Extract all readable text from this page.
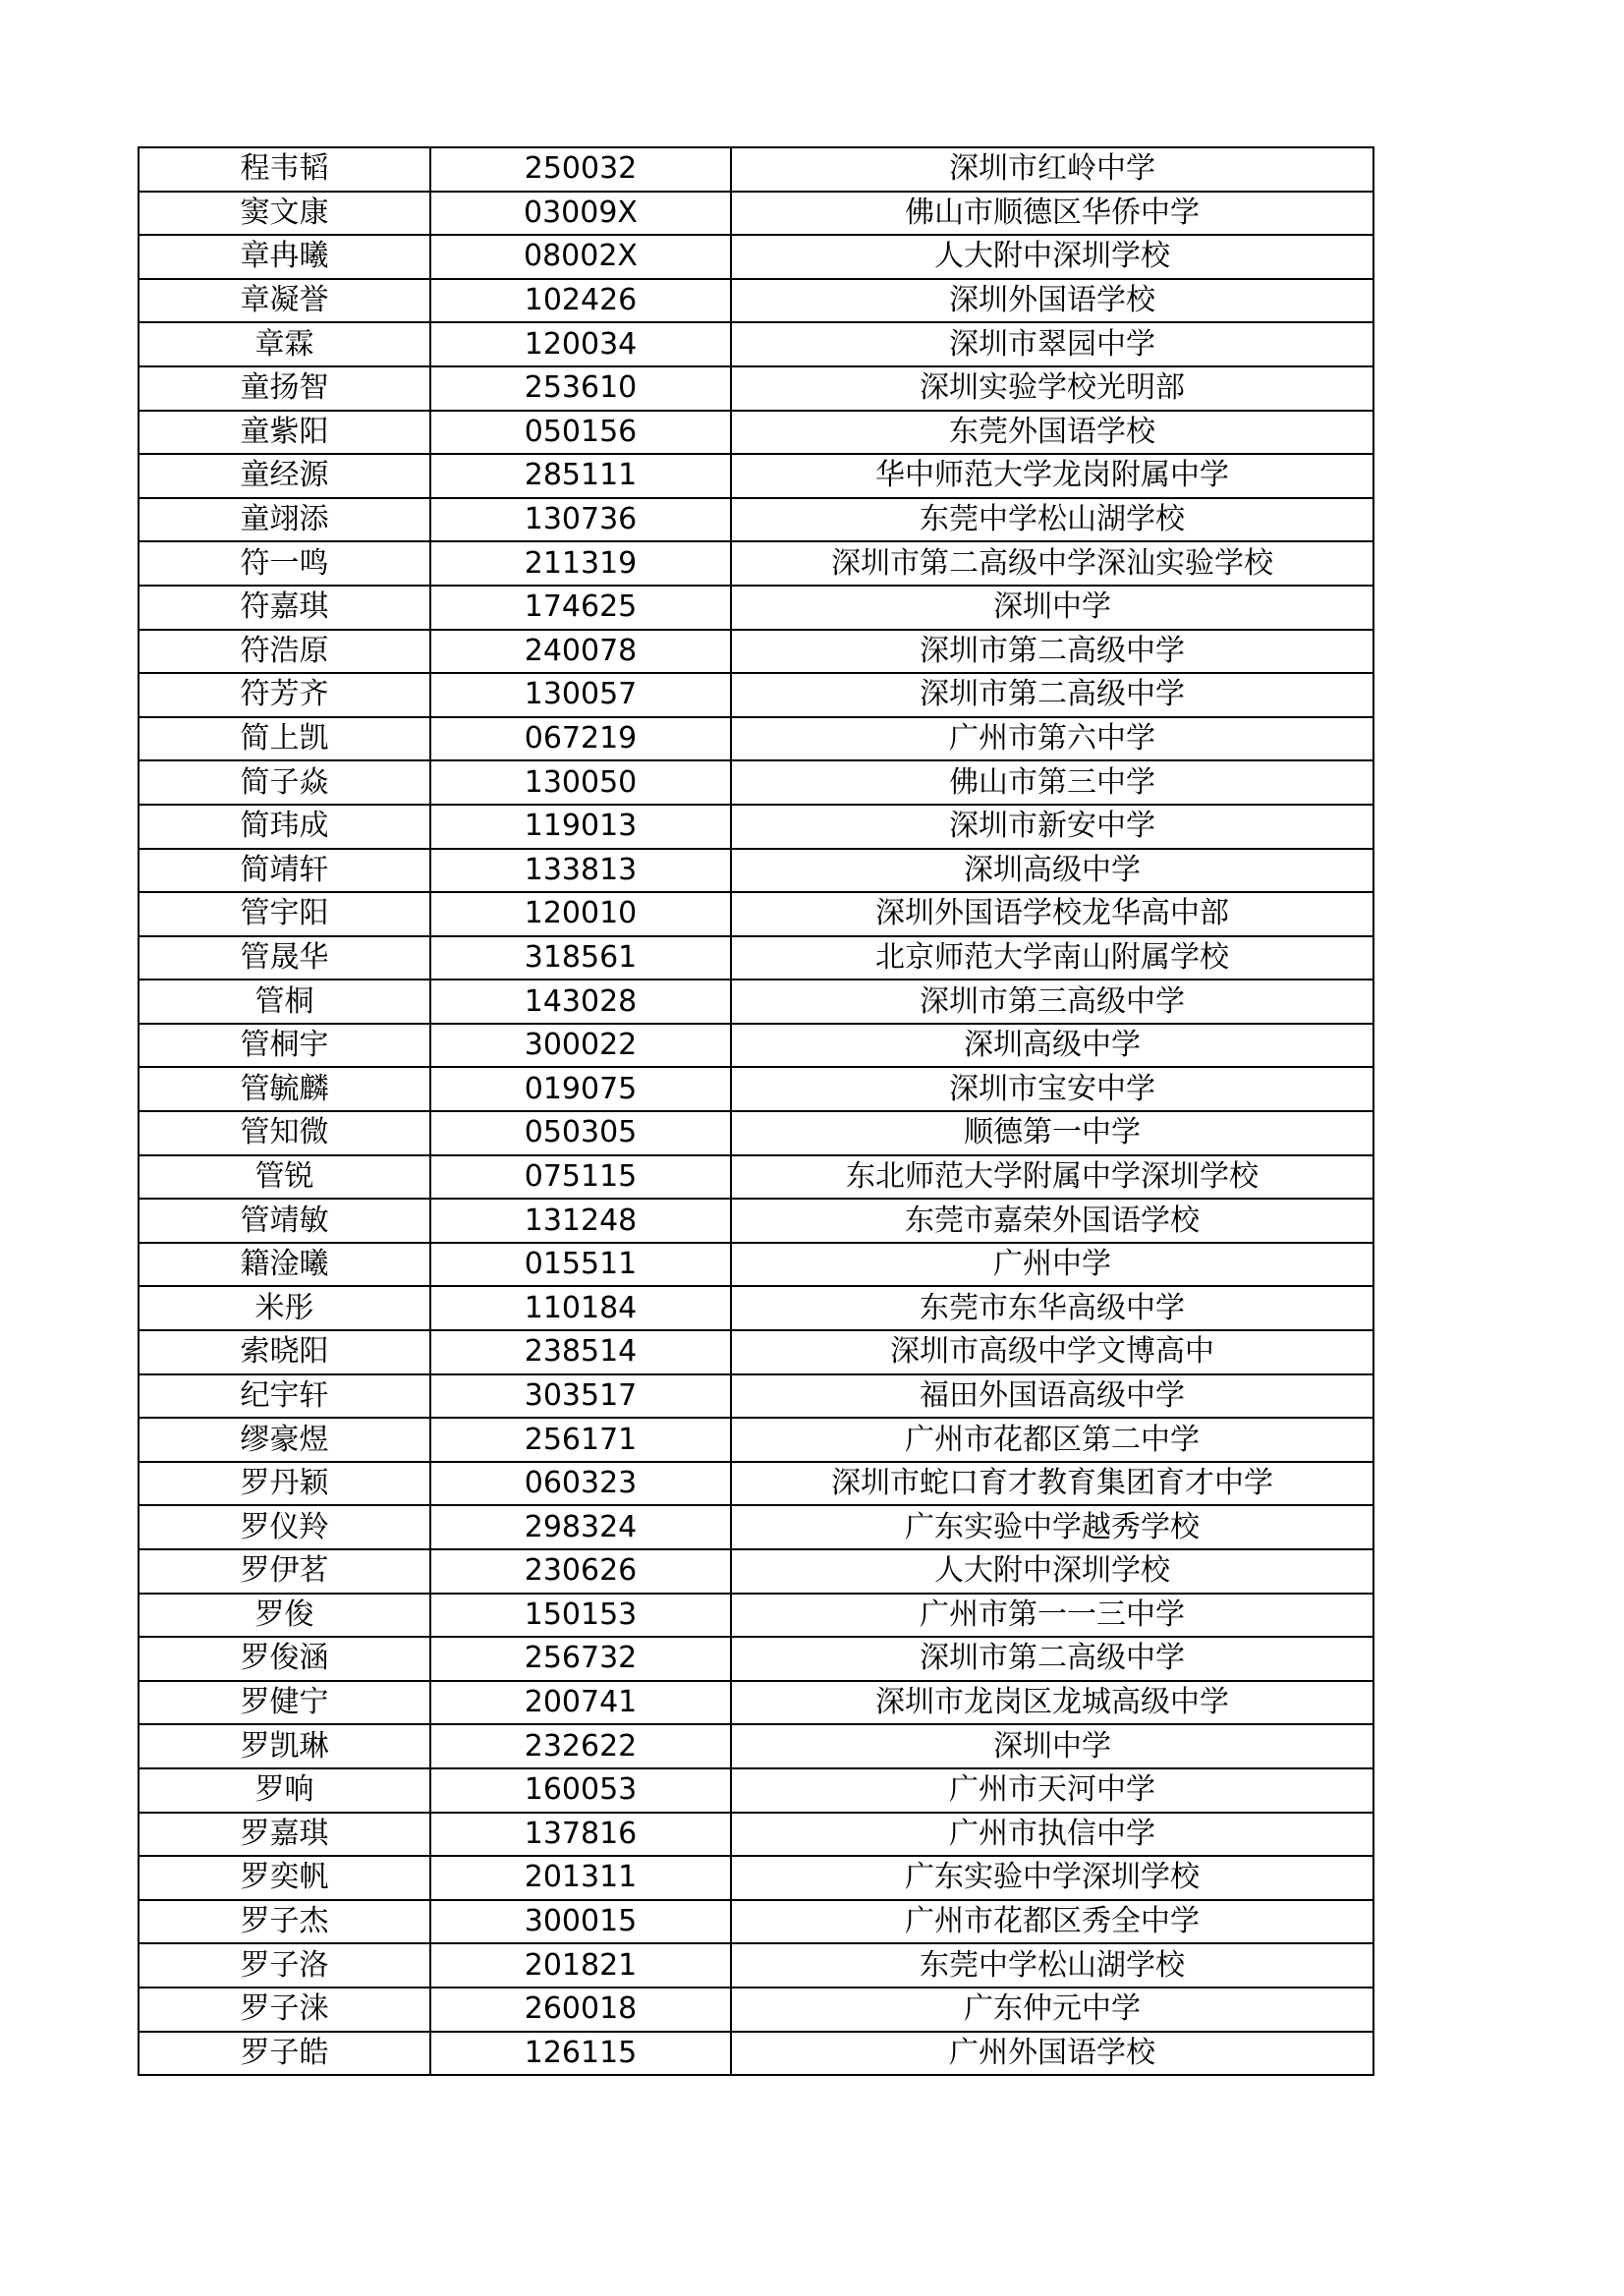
程韦韬	250032	深圳市红岭中学
窦文康	03009X	佛山市顺德区华侨中学
章冉曦	08002X	人大附中深圳学校
章凝誉	102426	深圳外国语学校
章霖	120034	深圳市翠园中学
童扬智	253610	深圳实验学校光明部
童紫阳	050156	东莞外国语学校
童经源	285111	华中师范大学龙岗附属中学
童翊添	130736	东莞中学松山湖学校
符一鸣	211319	深圳市第二高级中学深汕实验学校
符嘉琪	174625	深圳中学
符浩原	240078	深圳市第二高级中学
符芳齐	130057	深圳市第二高级中学
简上凯	067219	广州市第六中学
简子焱	130050	佛山市第三中学
简玮成	119013	深圳市新安中学
简靖轩	133813	深圳高级中学
管宇阳	120010	深圳外国语学校龙华高中部
管晟华	318561	北京师范大学南山附属学校
管桐	143028	深圳市第三高级中学
管桐宇	300022	深圳高级中学
管毓麟	019075	深圳市宝安中学
管知微	050305	顺德第一中学
管锐	075115	东北师范大学附属中学深圳学校
管靖敏	131248	东莞市嘉荣外国语学校
籍淦曦	015511	广州中学
米彤	110184	东莞市东华高级中学
索晓阳	238514	深圳市高级中学文博高中
纪宇轩	303517	福田外国语高级中学
缪豪煜	256171	广州市花都区第二中学
罗丹颖	060323	深圳市蛇口育才教育集团育才中学
罗仪羚	298324	广东实验中学越秀学校
罗伊茗	230626	人大附中深圳学校
罗俊	150153	广州市第一一三中学
罗俊涵	256732	深圳市第二高级中学
罗健宁	200741	深圳市龙岗区龙城高级中学
罗凯琳	232622	深圳中学
罗响	160053	广州市天河中学
罗嘉琪	137816	广州市执信中学
罗奕帆	201311	广东实验中学深圳学校
罗子杰	300015	广州市花都区秀全中学
罗子洛	201821	东莞中学松山湖学校
罗子涞	260018	广东仲元中学
罗子皓	126115	广州外国语学校
